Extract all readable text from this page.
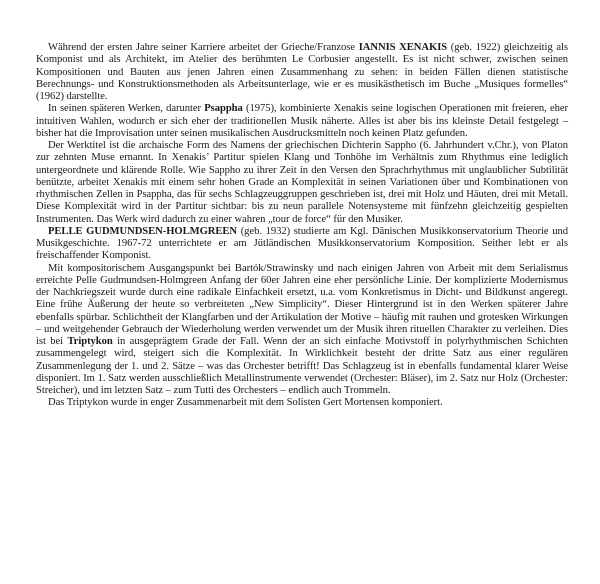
Während der ersten Jahre seiner Karriere arbeitet der Grieche/Franzose IANNIS XENAKIS (geb. 1922) gleichzeitig als Komponist und als Architekt, im Atelier des berühmten Le Corbusier angestellt. Es ist nicht schwer, zwischen seinen Kompositionen und Bauten aus jenen Jahren einen Zusammenhang zu sehen: in beiden Fällen dienen statistische Berechnungs- und Konstruktionsmethoden als Arbeitsunterlage, wie er es musikästhetisch im Buche „Musiques formelles“ (1962) darstellte.

In seinen späteren Werken, darunter Psappha (1975), kombinierte Xenakis seine logischen Operationen mit freieren, eher intuitiven Wahlen, wodurch er sich eher der traditionellen Musik näherte. Alles ist aber bis ins kleinste Detail festgelegt – bisher hat die Improvisation unter seinen musikalischen Ausdrucksmitteln noch keinen Platz gefunden.

Der Werktitel ist die archaische Form des Namens der griechischen Dichterin Sappho (6. Jahrhundert v.Chr.), von Platon zur zehnten Muse ernannt. In Xenakis’ Partitur spielen Klang und Tonhöhe im Verhältnis zum Rhythmus eine lediglich untergeordnete und klärende Rolle. Wie Sappho zu ihrer Zeit in den Versen den Sprachrhythmus mit unglaublicher Subtilität benützte, arbeitet Xenakis mit einem sehr hohen Grade an Komplexität in seinen Variationen über und Kombinationen von rhythmischen Zellen in Psappha, das für sechs Schlagzeuggruppen geschrieben ist, drei mit Holz und Häuten, drei mit Metall. Diese Komplexität wird in der Partitur sichtbar: bis zu neun parallele Notensysteme mit fünfzehn gleichzeitig gespielten Instrumenten. Das Werk wird dadurch zu einer wahren „tour de force“ für den Musiker.

PELLE GUDMUNDSEN-HOLMGREEN (geb. 1932) studierte am Kgl. Dänischen Musikkonservatorium Theorie und Musikgeschichte. 1967-72 unterrichtete er am Jütländischen Musikkonservatorium Komposition. Seither lebt er als freischaffender Komponist.

Mit kompositorischem Ausgangspunkt bei Bartók/Strawinsky und nach einigen Jahren von Arbeit mit dem Serialismus erreichte Pelle Gudmundsen-Holmgreen Anfang der 60er Jahren eine eher persönliche Linie. Der komplizierte Modernismus der Nachkriegszeit wurde durch eine radikale Einfachkeit ersetzt, u.a. vom Konkretismus in Dicht- und Bildkunst angeregt. Eine frühe Äußerung der heute so verbreiteten „New Simplicity“. Dieser Hintergrund ist in den Werken späterer Jahre ebenfalls spürbar. Schlichtheit der Klangfarben und der Artikulation der Motive – häufig mit rauhen und grotesken Wirkungen – und weitgehender Gebrauch der Wiederholung werden verwendet um der Musik ihren rituellen Charakter zu verleihen. Dies ist bei Triptykon in ausgeprägtem Grade der Fall. Wenn der an sich einfache Motivstoff in polyrhythmischen Schichten zusammengelegt wird, steigert sich die Komplexität. In Wirklichkeit besteht der dritte Satz aus einer regulären Zusammenlegung der 1. und 2. Sätze – was das Orchester betrifft! Das Schlagzeug ist in ebenfalls fundamental klarer Weise disponiert. Im 1. Satz werden ausschließlich Metallinstrumente verwendet (Orchester: Bläser), im 2. Satz nur Holz (Orchester: Streicher), und im letzten Satz – zum Tutti des Orchesters – endlich auch Trommeln.

Das Triptykon wurde in enger Zusammenarbeit mit dem Solisten Gert Mortensen komponiert.
